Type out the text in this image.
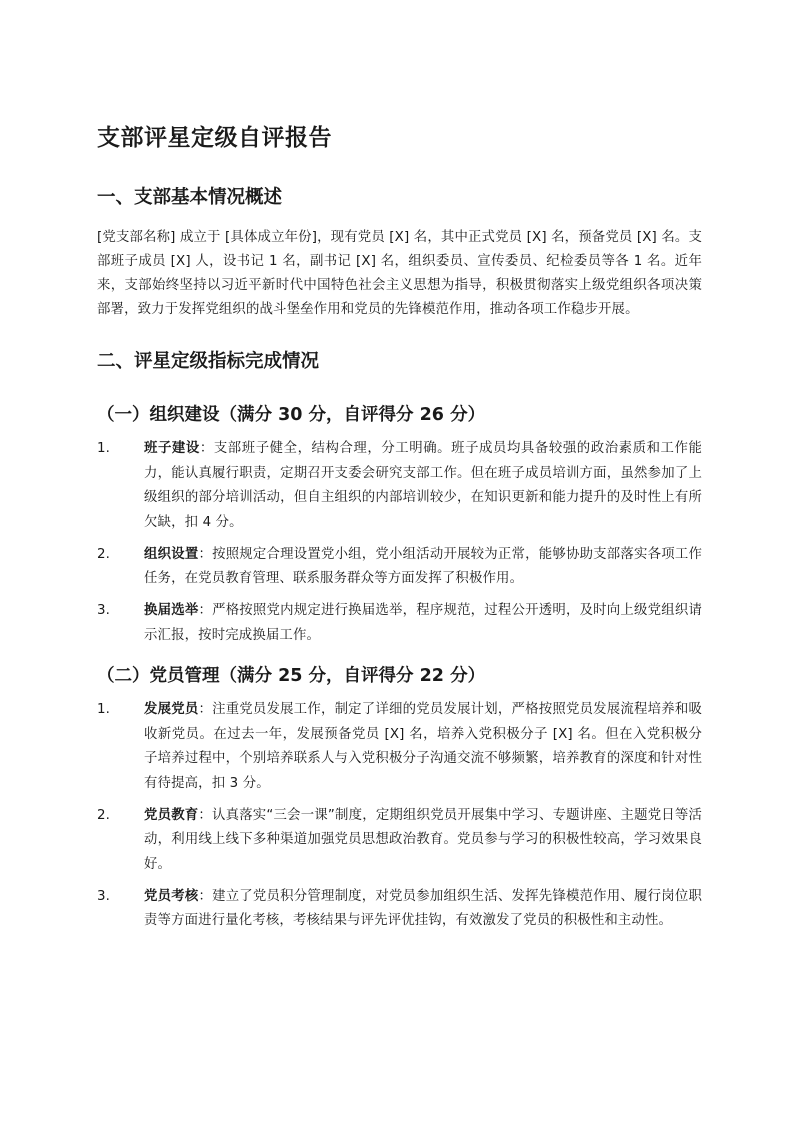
支部评星定级自评报告
一、支部基本情况概述

[党支部名称] 成立于 [具体成立年份]，现有党员 [X] 名，其中正式党员 [X] 名，预备党员 [X] 名。支部班子成员 [X] 人，设书记 1 名，副书记 [X] 名，组织委员、宣传委员、纪检委员等各 1 名。近年来，支部始终坚持以习近平新时代中国特色社会主义思想为指导，积极贯彻落实上级党组织各项决策部署，致力于发挥党组织的战斗堡垒作用和党员的先锋模范作用，推动各项工作稳步开展。

二、评星定级指标完成情况
（一）组织建设（满分 30 分，自评得分 26 分）
1.	班子建设：支部班子健全，结构合理，分工明确。班子成员均具备较强的政治素质和工作能力，能认真履行职责，定期召开支委会研究支部工作。但在班子成员培训方面，虽然参加了上级组织的部分培训活动，但自主组织的内部培训较少，在知识更新和能力提升的及时性上有所欠缺，扣 4 分。
2.	组织设置：按照规定合理设置党小组，党小组活动开展较为正常，能够协助支部落实各项工作任务，在党员教育管理、联系服务群众等方面发挥了积极作用。
3.	换届选举：严格按照党内规定进行换届选举，程序规范，过程公开透明，及时向上级党组织请示汇报，按时完成换届工作。
（二）党员管理（满分 25 分，自评得分 22 分）
1.	发展党员：注重党员发展工作，制定了详细的党员发展计划，严格按照党员发展流程培养和吸收新党员。在过去一年，发展预备党员 [X] 名，培养入党积极分子 [X] 名。但在入党积极分子培养过程中，个别培养联系人与入党积极分子沟通交流不够频繁，培养教育的深度和针对性有待提高，扣 3 分。
2.	党员教育：认真落实“三会一课”制度，定期组织党员开展集中学习、专题讲座、主题党日等活动，利用线上线下多种渠道加强党员思想政治教育。党员参与学习的积极性较高，学习效果良好。
3.	党员考核：建立了党员积分管理制度，对党员参加组织生活、发挥先锋模范作用、履行岗位职责等方面进行量化考核，考核结果与评先评优挂钩，有效激发了党员的积极性和主动性。
